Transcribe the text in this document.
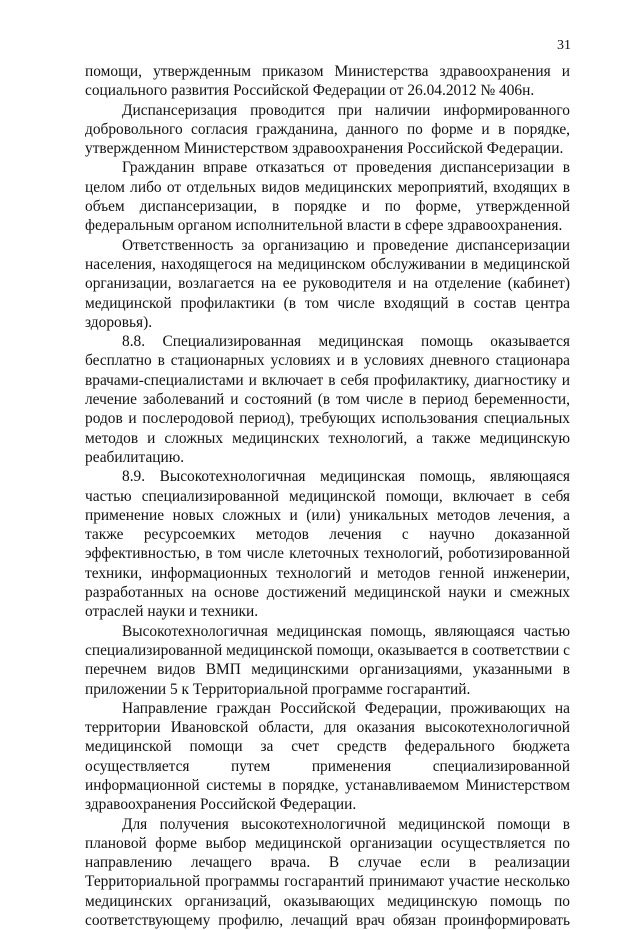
31

помощи, утвержденным приказом Министерства здравоохранения и социального развития Российской Федерации от 26.04.2012 № 406н.

Диспансеризация проводится при наличии информированного добровольного согласия гражданина, данного по форме и в порядке, утвержденном Министерством здравоохранения Российской Федерации.

Гражданин вправе отказаться от проведения диспансеризации в целом либо от отдельных видов медицинских мероприятий, входящих в объем диспансеризации, в порядке и по форме, утвержденной федеральным органом исполнительной власти в сфере здравоохранения.

Ответственность за организацию и проведение диспансеризации населения, находящегося на медицинском обслуживании в медицинской организации, возлагается на ее руководителя и на отделение (кабинет) медицинской профилактики (в том числе входящий в состав центра здоровья).

8.8. Специализированная медицинская помощь оказывается бесплатно в стационарных условиях и в условиях дневного стационара врачами-специалистами и включает в себя профилактику, диагностику и лечение заболеваний и состояний (в том числе в период беременности, родов и послеродовой период), требующих использования специальных методов и сложных медицинских технологий, а также медицинскую реабилитацию.

8.9. Высокотехнологичная медицинская помощь, являющаяся частью специализированной медицинской помощи, включает в себя применение новых сложных и (или) уникальных методов лечения, а также ресурсоемких методов лечения с научно доказанной эффективностью, в том числе клеточных технологий, роботизированной техники, информационных технологий и методов генной инженерии, разработанных на основе достижений медицинской науки и смежных отраслей науки и техники.

Высокотехнологичная медицинская помощь, являющаяся частью специализированной медицинской помощи, оказывается в соответствии с перечнем видов ВМП медицинскими организациями, указанными в приложении 5 к Территориальной программе госгарантий.

Направление граждан Российской Федерации, проживающих на территории Ивановской области, для оказания высокотехнологичной медицинской помощи за счет средств федерального бюджета осуществляется путем применения специализированной информационной системы в порядке, устанавливаемом Министерством здравоохранения Российской Федерации.

Для получения высокотехнологичной медицинской помощи в плановой форме выбор медицинской организации осуществляется по направлению лечащего врача. В случае если в реализации Территориальной программы госгарантий принимают участие несколько медицинских организаций, оказывающих медицинскую помощь по соответствующему профилю, лечащий врач обязан проинформировать
